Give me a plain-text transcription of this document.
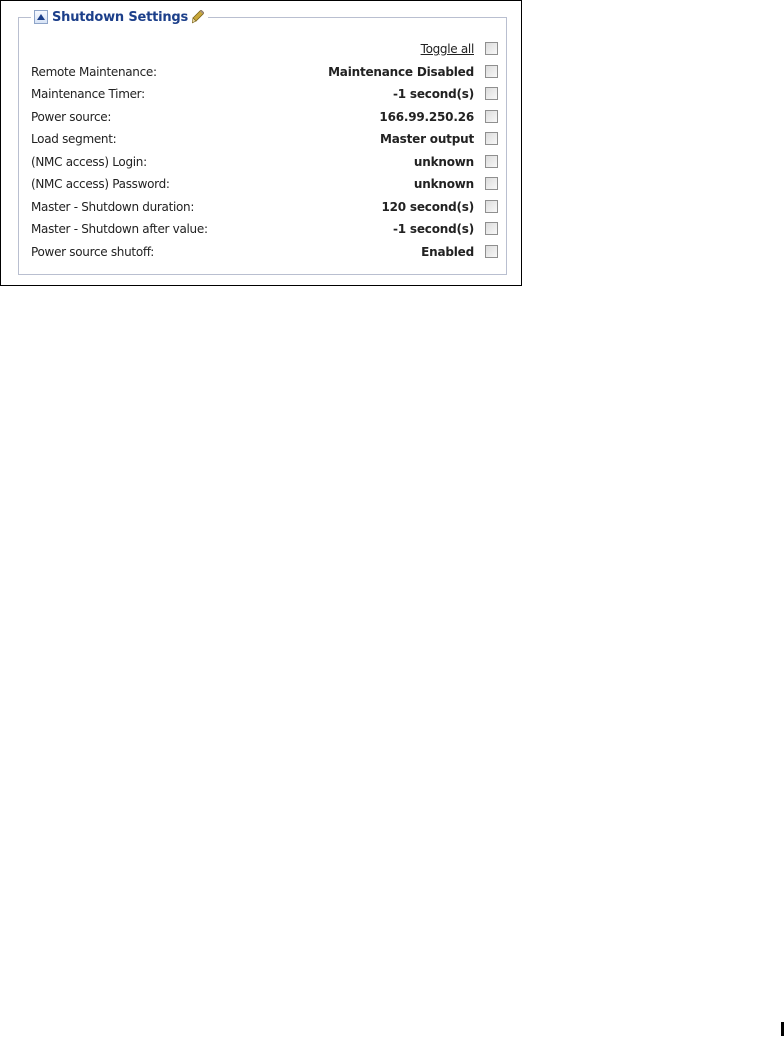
Shutdown Settings
Toggle all
Remote Maintenance:	Maintenance Disabled
Maintenance Timer:	-1 second(s)
Power source:	166.99.250.26
Load segment:	Master output
(NMC access) Login:	unknown
(NMC access) Password:	unknown
Master - Shutdown duration:	120 second(s)
Master - Shutdown after value:	-1 second(s)
Power source shutoff:	Enabled
